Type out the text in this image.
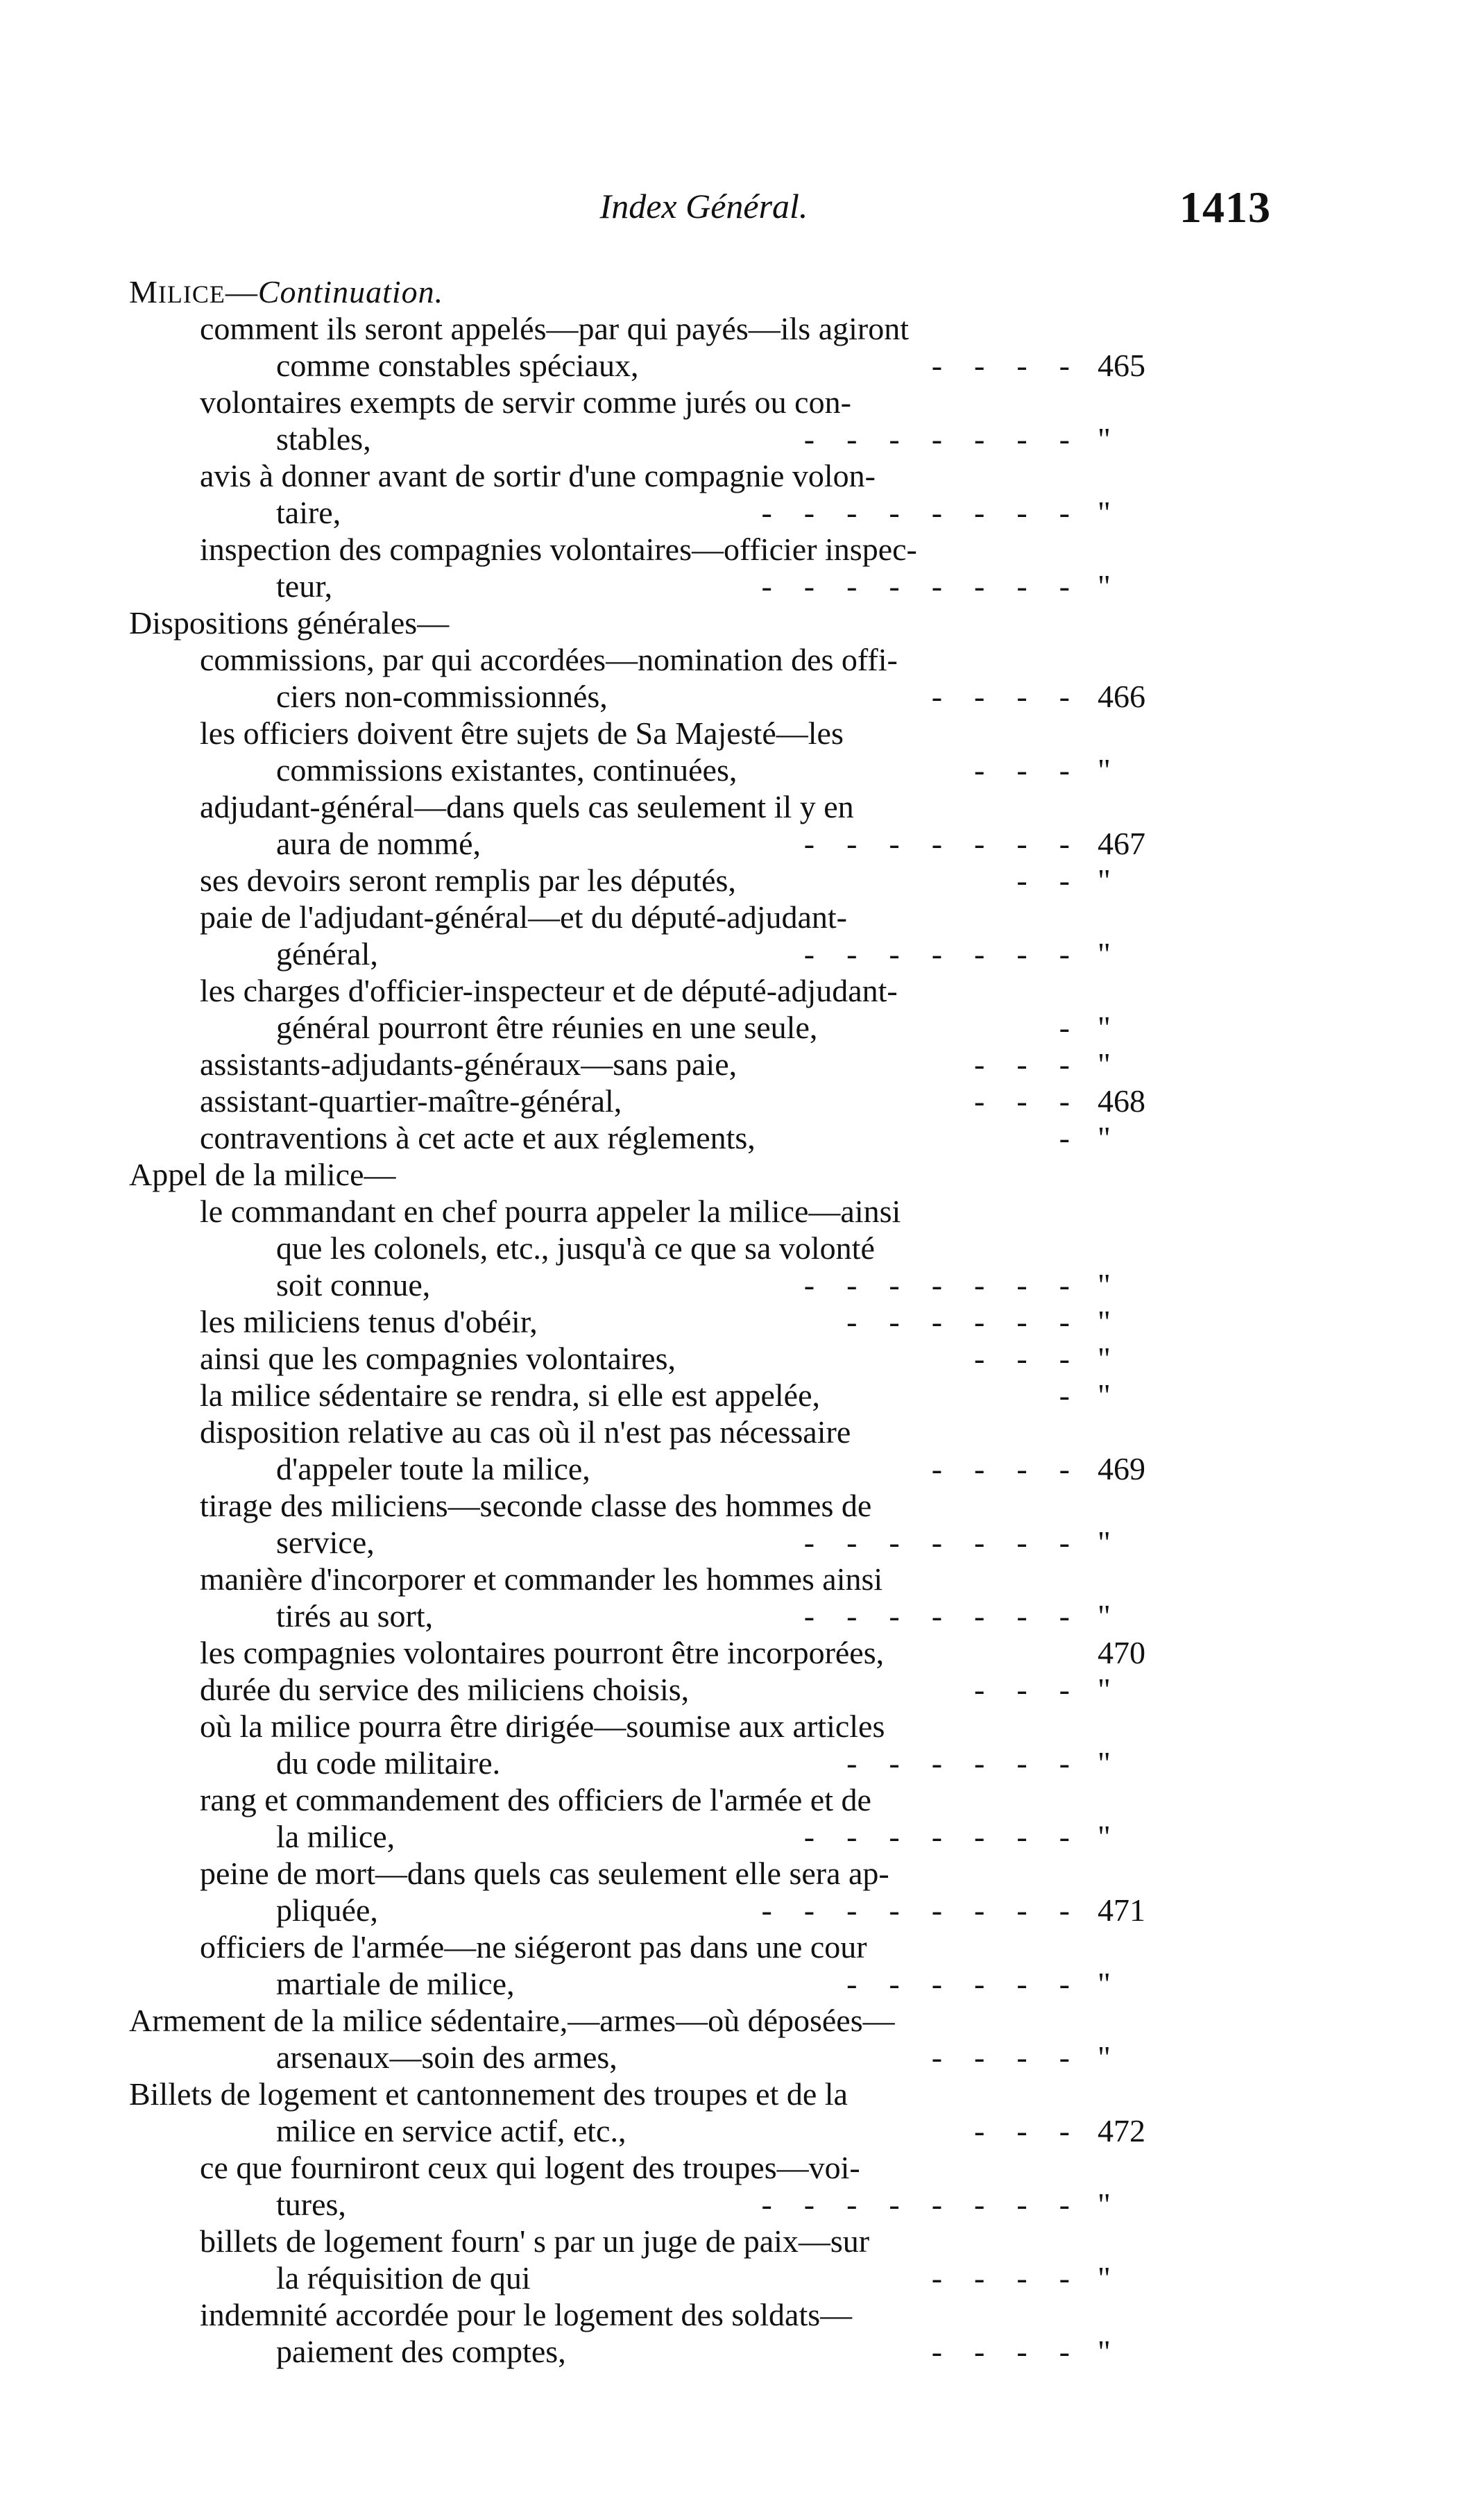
Index Général.	1413
MILICE—Continuation.
comment ils seront appelés—par qui payés—ils agiront
comme constables spéciaux,	-    -    -    - 465
volontaires exempts de servir comme jurés ou con-
stables,	-    -    -    -    -    -    - "
avis à donner avant de sortir d'une compagnie volon-
taire,	-    -    -    -    -    -    -    - "
inspection des compagnies volontaires—officier inspec-
teur,	-    -    -    -    -    -    -    - "
Dispositions générales—
commissions, par qui accordées—nomination des offi-
ciers non-commissionnés,	-    -    -    - 466
les officiers doivent être sujets de Sa Majesté—les
commissions existantes, continuées,	-    -    - "
adjudant-général—dans quels cas seulement il y en
aura de nommé,	-    -    -    -    -    -    - 467
ses devoirs seront remplis par les députés,	-    - "
paie de l'adjudant-général—et du député-adjudant-
général,	-    -    -    -    -    -    - "
les charges d'officier-inspecteur et de député-adjudant-
général pourront être réunies en une seule,	- "
assistants-adjudants-généraux—sans paie,	-    -    - "
assistant-quartier-maître-général,	-    -    - 468
contraventions à cet acte et aux réglements,	- "
Appel de la milice—
le commandant en chef pourra appeler la milice—ainsi
que les colonels, etc., jusqu'à ce que sa volonté
soit connue,	-    -    -    -    -    -    - "
les miliciens tenus d'obéir,	-    -    -    -    -    - "
ainsi que les compagnies volontaires,	-    -    - "
la milice sédentaire se rendra, si elle est appelée,	- "
disposition relative au cas où il n'est pas nécessaire
d'appeler toute la milice,	-    -    -    - 469
tirage des miliciens—seconde classe des hommes de
service,	-    -    -    -    -    -    - "
manière d'incorporer et commander les hommes ainsi
tirés au sort,	-    -    -    -    -    -    - "
les compagnies volontaires pourront être incorporées,	470
durée du service des miliciens choisis,	-    -    - "
où la milice pourra être dirigée—soumise aux articles
du code militaire.	-    -    -    -    -    - "
rang et commandement des officiers de l'armée et de
la milice,	-    -    -    -    -    -    - "
peine de mort—dans quels cas seulement elle sera ap-
pliquée,	-    -    -    -    -    -    -    - 471
officiers de l'armée—ne siégeront pas dans une cour
martiale de milice,	-    -    -    -    -    - "
Armement de la milice sédentaire,—armes—où déposées—
arsenaux—soin des armes,	-    -    -    - "
Billets de logement et cantonnement des troupes et de la
milice en service actif, etc.,	-    -    - 472
ce que fourniront ceux qui logent des troupes—voi-
tures,	-    -    -    -    -    -    -    - "
billets de logement fourn' s par un juge de paix—sur
la réquisition de qui	-    -    -    - "
indemnité accordée pour le logement des soldats—
paiement des comptes,	-    -    -    - "
